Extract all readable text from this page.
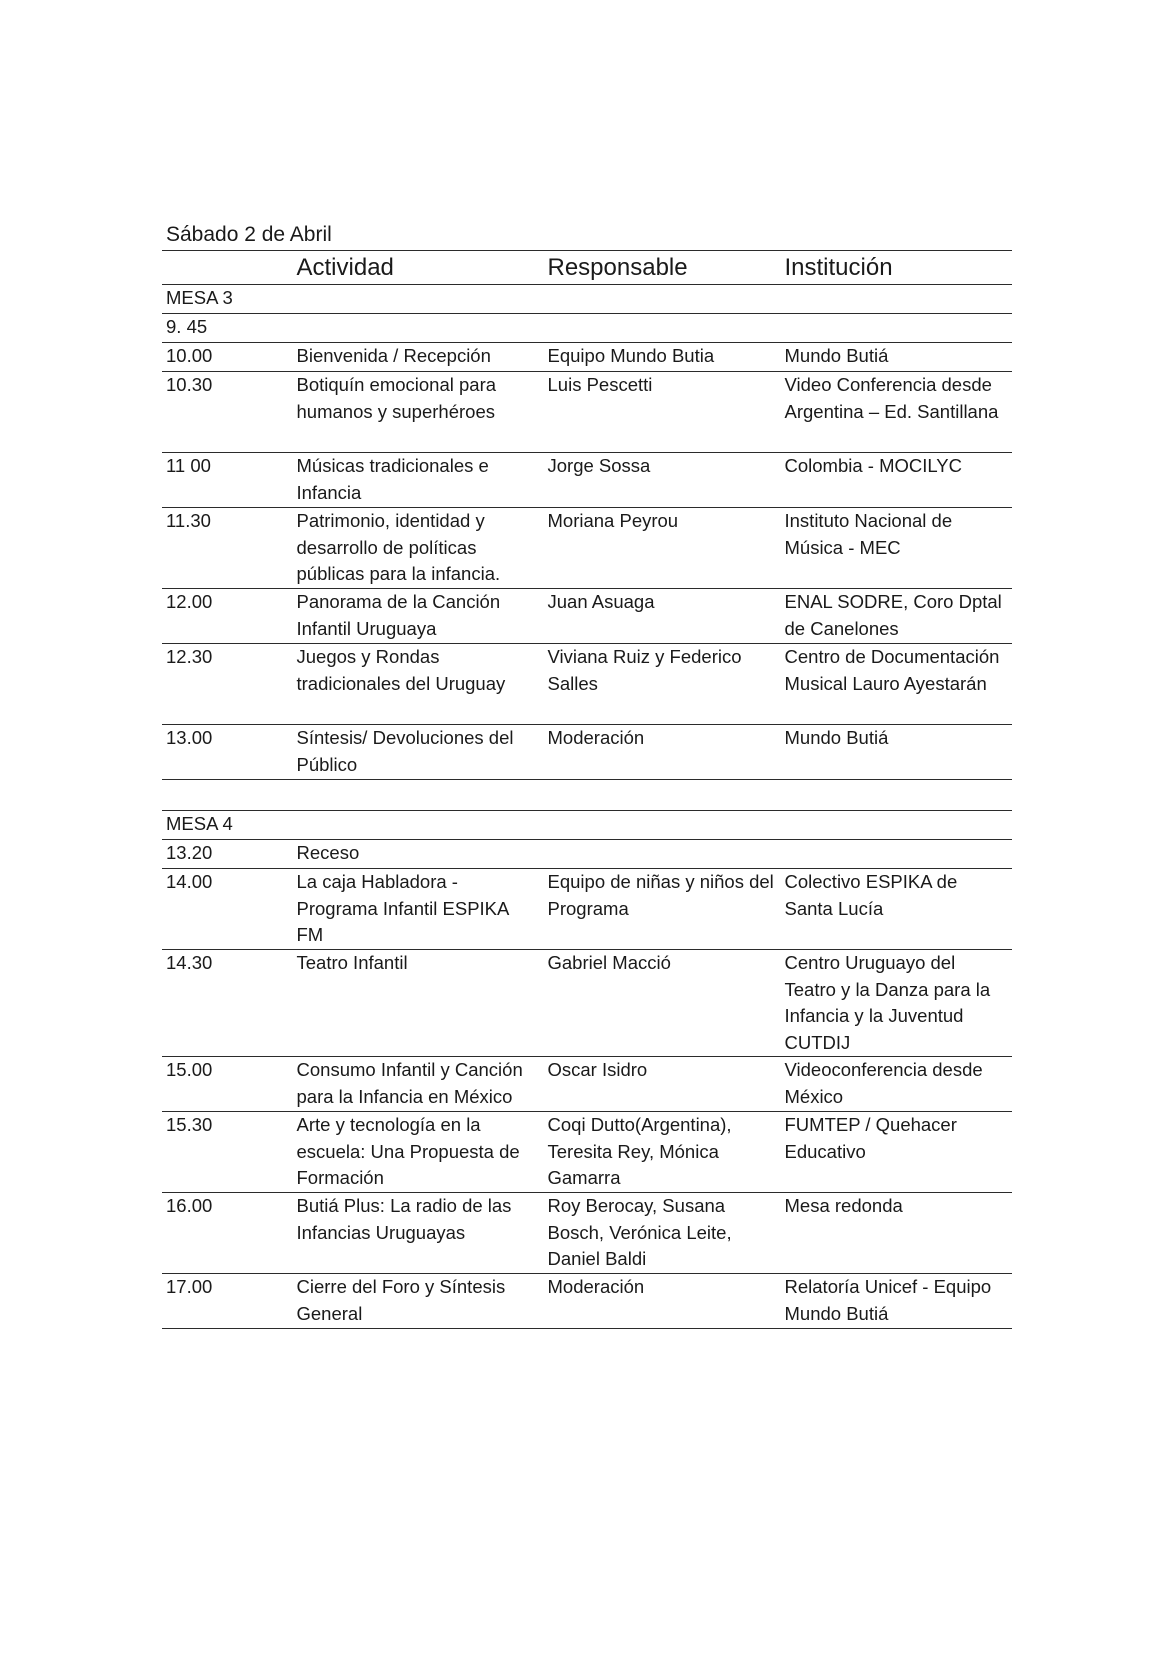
Sábado 2 de Abril
	Actividad	Responsable	Institución
MESA 3			
9. 45			
10.00	Bienvenida / Recepción	Equipo Mundo Butia	Mundo Butiá
10.30	Botiquín emocional para humanos y superhéroes	Luis Pescetti	Video Conferencia desde Argentina – Ed. Santillana
11 00	Músicas tradicionales e Infancia	Jorge Sossa	Colombia - MOCILYC
11.30	Patrimonio, identidad y desarrollo de políticas públicas para la infancia.	Moriana Peyrou	Instituto Nacional de Música - MEC
12.00	Panorama de la Canción Infantil Uruguaya	Juan Asuaga	ENAL SODRE, Coro Dptal de Canelones
12.30	Juegos y Rondas tradicionales del Uruguay	Viviana Ruiz y Federico Salles	Centro de Documentación Musical Lauro Ayestarán
13.00	Síntesis/ Devoluciones del Público	Moderación	Mundo Butiá

MESA 4			
13.20	Receso		
14.00	La caja Habladora - Programa Infantil ESPIKA FM	Equipo de niñas y niños del Programa	Colectivo ESPIKA de Santa Lucía
14.30	Teatro Infantil	Gabriel Macció	Centro Uruguayo del Teatro y la Danza para la Infancia y la Juventud CUTDIJ
15.00	Consumo Infantil y Canción para la Infancia en México	Oscar Isidro	Videoconferencia desde México
15.30	Arte y tecnología en la escuela: Una Propuesta de Formación	Coqi Dutto(Argentina), Teresita Rey, Mónica Gamarra	FUMTEP / Quehacer Educativo
16.00	Butiá Plus: La radio de las Infancias Uruguayas	Roy Berocay, Susana Bosch, Verónica Leite, Daniel Baldi	Mesa redonda
17.00	Cierre del Foro y Síntesis General	Moderación	Relatoría Unicef - Equipo Mundo Butiá
